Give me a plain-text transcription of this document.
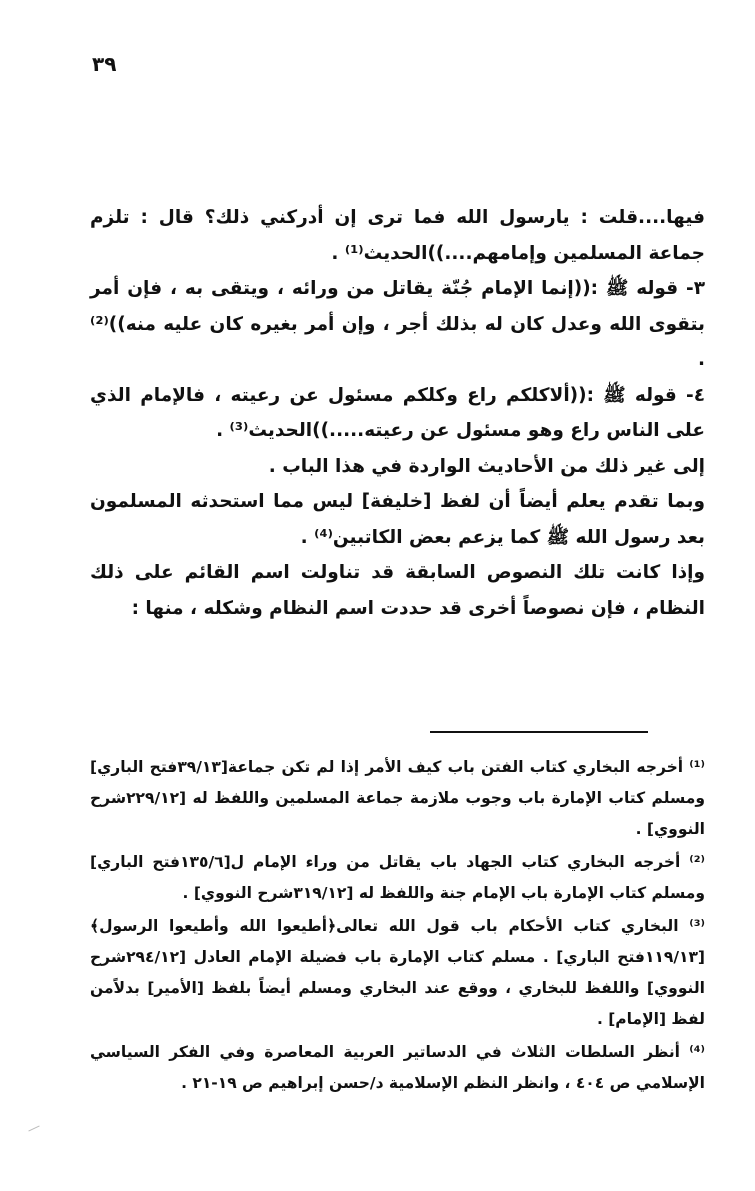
٣٩

فيها....قلت : يارسول الله فما ترى إن أدركني ذلك؟ قال : تلزم جماعة المسلمين وإمامهم....))الحديث⁽¹⁾ .

٣- قوله ﷺ :((إنما الإمام جُنّة يقاتل من ورائه ، ويتقى به ، فإن أمر بتقوى الله وعدل كان له بذلك أجر ، وإن أمر بغيره كان عليه منه))⁽²⁾ .

٤- قوله ﷺ :((ألاكلكم راع وكلكم مسئول عن رعيته ، فالإمام الذي على الناس راع وهو مسئول عن رعيته.....))الحديث⁽³⁾ .

إلى غير ذلك من الأحاديث الواردة في هذا الباب .

وبما تقدم يعلم أيضاً أن لفظ [خليفة] ليس مما استحدثه المسلمون بعد رسول الله ﷺ كما يزعم بعض الكاتبين⁽⁴⁾ .

وإذا كانت تلك النصوص السابقة قد تناولت اسم القائم على ذلك النظام ، فإن نصوصاً أخرى قد حددت اسم النظام وشكله ، منها :

⁽¹⁾ أخرجه البخاري كتاب الفتن باب كيف الأمر إذا لم تكن جماعة[٣٩/١٣فتح الباري] ومسلم كتاب الإمارة باب وجوب ملازمة جماعة المسلمين واللفظ له [٢٢٩/١٢شرح النووي] .

⁽²⁾ أخرجه البخاري كتاب الجهاد باب يقاتل من وراء الإمام ل[١٣٥/٦فتح الباري] ومسلم كتاب الإمارة باب الإمام جنة واللفظ له [٣١٩/١٢شرح النووي] .

⁽³⁾ البخاري كتاب الأحكام باب قول الله تعالى﴿أطيعوا الله وأطيعوا الرسول﴾ [١١٩/١٣فتح الباري] . مسلم كتاب الإمارة باب فضيلة الإمام العادل [٢٩٤/١٢شرح النووي] واللفظ للبخاري ، ووقع عند البخاري ومسلم أيضاً بلفظ [الأمير] بدلاًمن لفظ [الإمام] .

⁽⁴⁾ أنظر السلطات الثلاث في الدساتير العربية المعاصرة وفي الفكر السياسي الإسلامي ص ٤٠٤ ، وانظر النظم الإسلامية د/حسن إبراهيم ص ١٩-٢١ .
